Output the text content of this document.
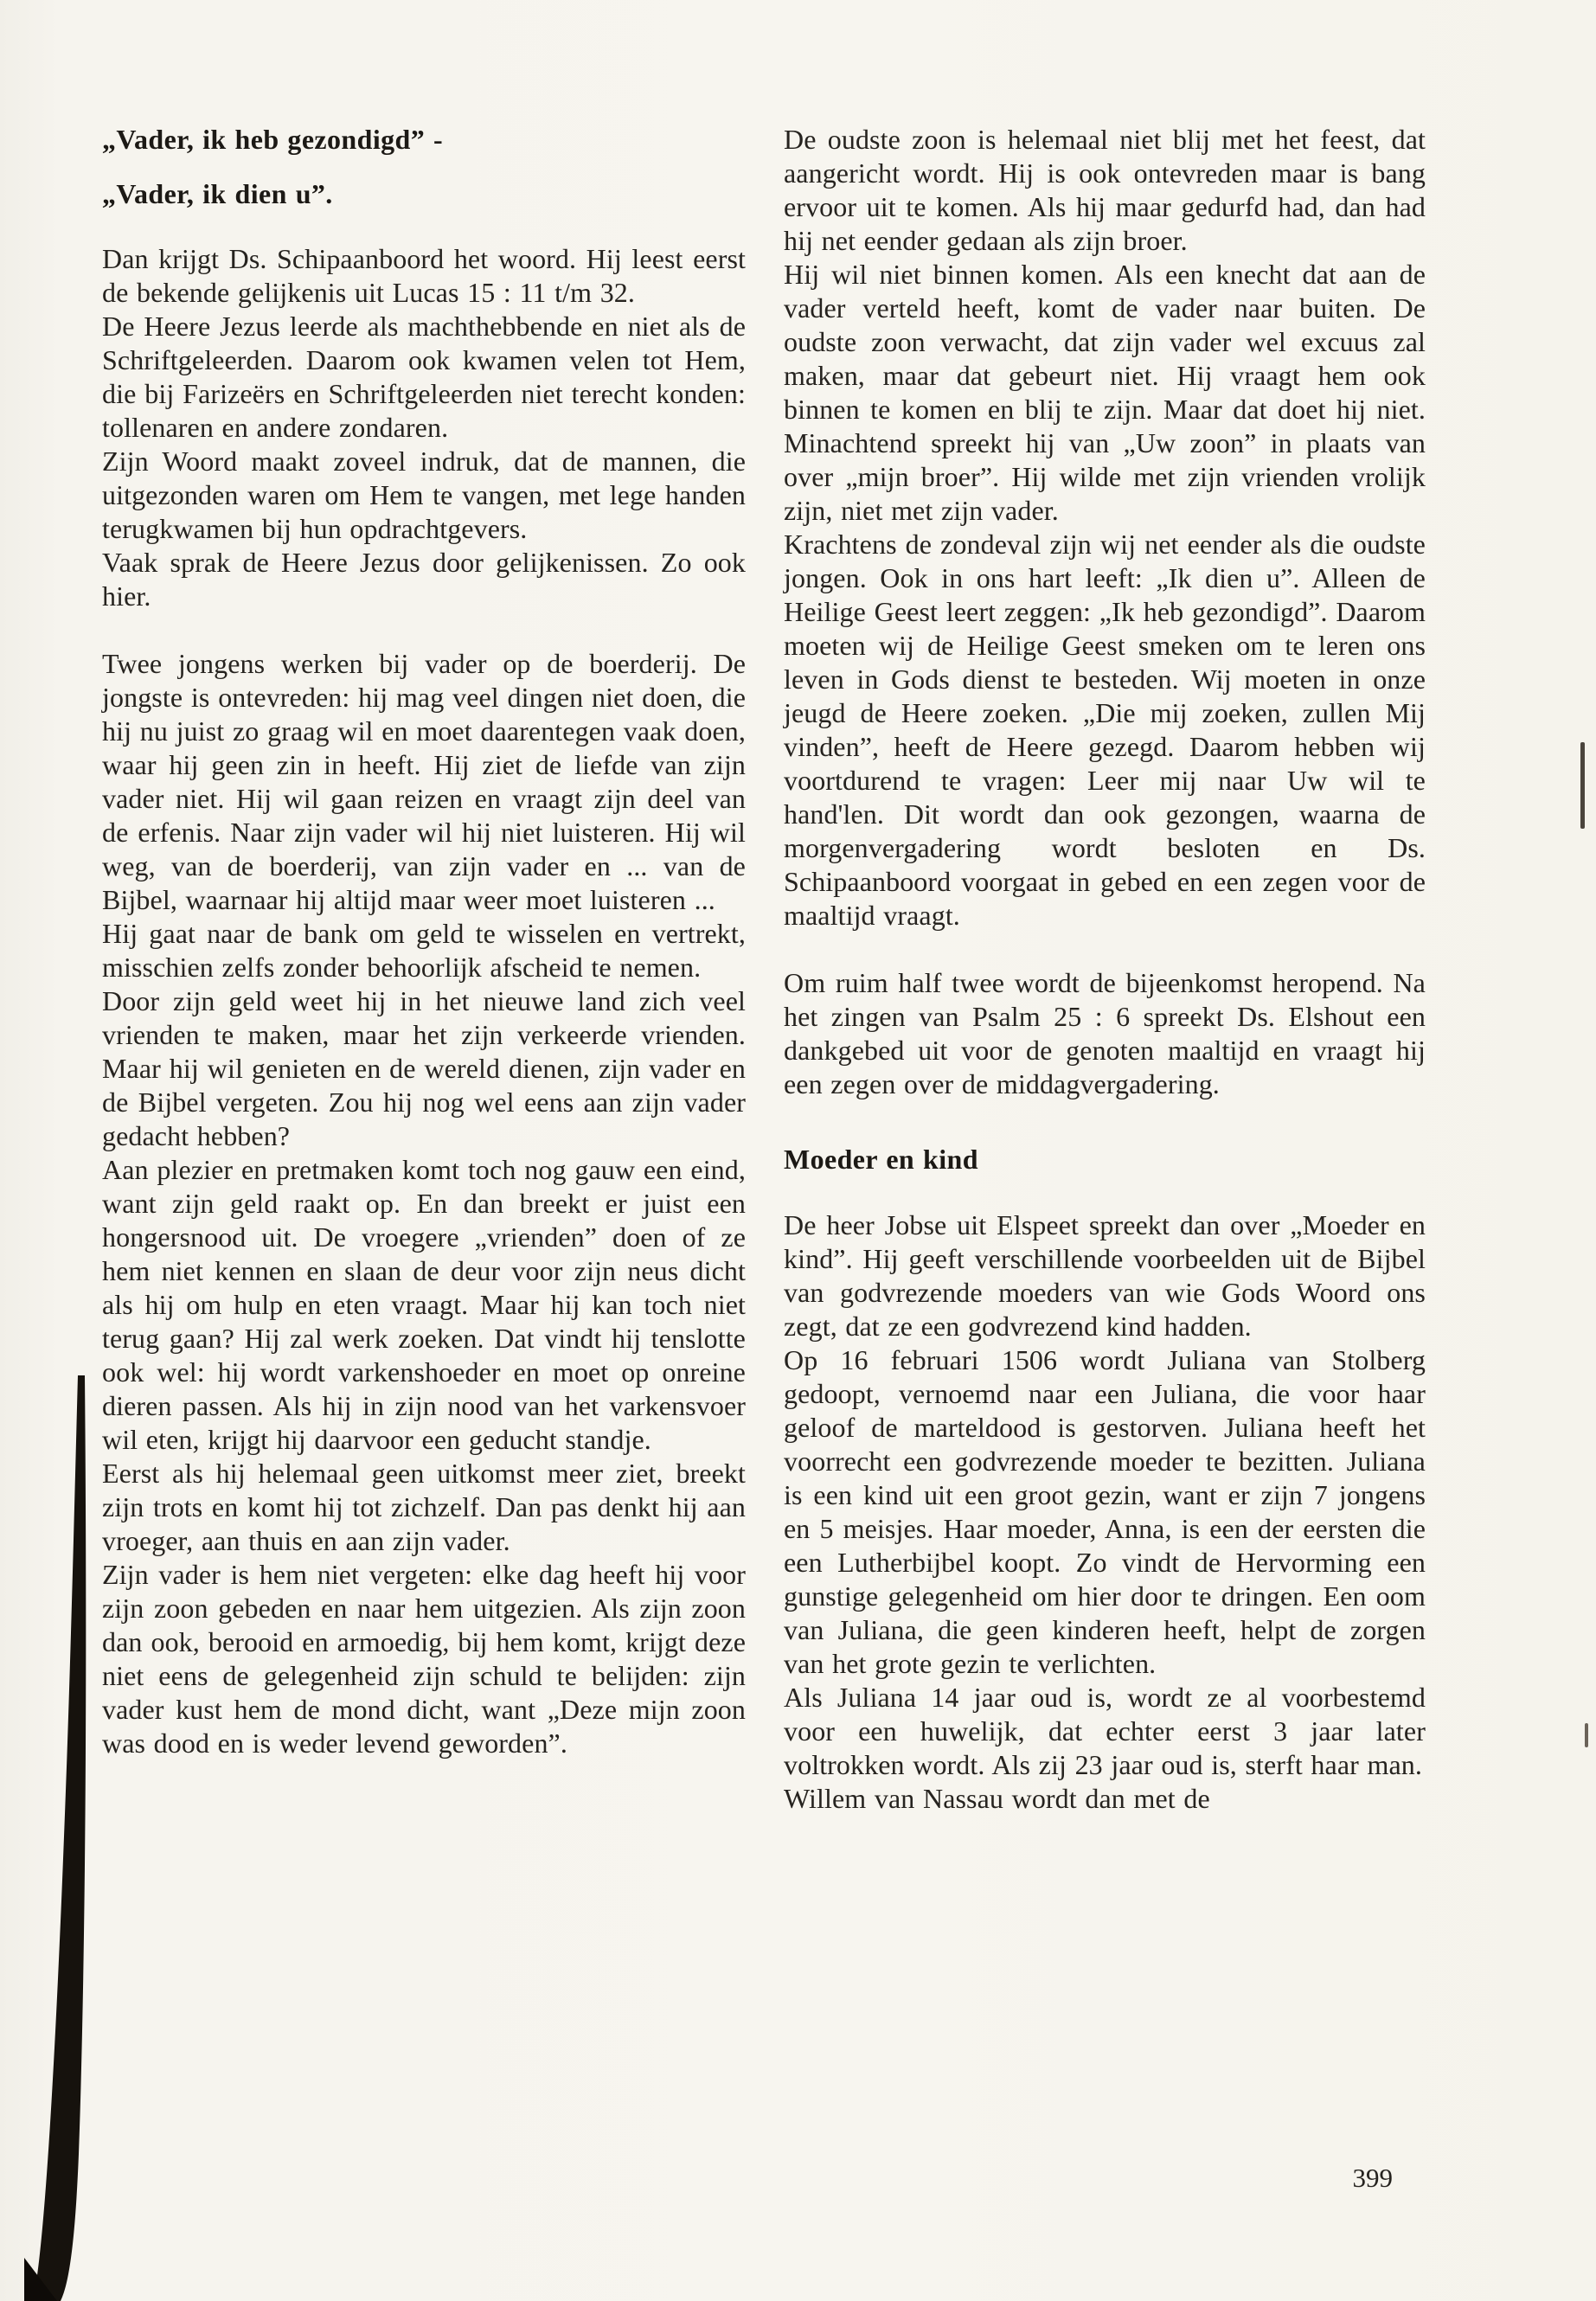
„Vader, ik heb gezondigd” -
„Vader, ik dien u”.

Dan krijgt Ds. Schipaanboord het woord. Hij leest eerst de bekende gelijkenis uit Lucas 15 : 11 t/m 32.

De Heere Jezus leerde als machthebbende en niet als de Schriftgeleerden. Daarom ook kwamen velen tot Hem, die bij Farizeërs en Schriftgeleerden niet terecht konden: tollenaren en andere zondaren.

Zijn Woord maakt zoveel indruk, dat de mannen, die uitgezonden waren om Hem te vangen, met lege handen terugkwamen bij hun opdrachtgevers.

Vaak sprak de Heere Jezus door gelijkenissen. Zo ook hier.

Twee jongens werken bij vader op de boerderij. De jongste is ontevreden: hij mag veel dingen niet doen, die hij nu juist zo graag wil en moet daarentegen vaak doen, waar hij geen zin in heeft. Hij ziet de liefde van zijn vader niet. Hij wil gaan reizen en vraagt zijn deel van de erfenis. Naar zijn vader wil hij niet luisteren. Hij wil weg, van de boerderij, van zijn vader en ... van de Bijbel, waarnaar hij altijd maar weer moet luisteren ...

Hij gaat naar de bank om geld te wisselen en vertrekt, misschien zelfs zonder behoorlijk afscheid te nemen.

Door zijn geld weet hij in het nieuwe land zich veel vrienden te maken, maar het zijn verkeerde vrienden. Maar hij wil genieten en de wereld dienen, zijn vader en de Bijbel vergeten. Zou hij nog wel eens aan zijn vader gedacht hebben?

Aan plezier en pretmaken komt toch nog gauw een eind, want zijn geld raakt op. En dan breekt er juist een hongersnood uit. De vroegere „vrienden” doen of ze hem niet kennen en slaan de deur voor zijn neus dicht als hij om hulp en eten vraagt. Maar hij kan toch niet terug gaan? Hij zal werk zoeken. Dat vindt hij tenslotte ook wel: hij wordt varkenshoeder en moet op onreine dieren passen. Als hij in zijn nood van het varkensvoer wil eten, krijgt hij daarvoor een geducht standje.

Eerst als hij helemaal geen uitkomst meer ziet, breekt zijn trots en komt hij tot zichzelf. Dan pas denkt hij aan vroeger, aan thuis en aan zijn vader.

Zijn vader is hem niet vergeten: elke dag heeft hij voor zijn zoon gebeden en naar hem uitgezien. Als zijn zoon dan ook, berooid en armoedig, bij hem komt, krijgt deze niet eens de gelegenheid zijn schuld te belijden: zijn vader kust hem de mond dicht, want „Deze mijn zoon was dood en is weder levend geworden”.

De oudste zoon is helemaal niet blij met het feest, dat aangericht wordt. Hij is ook ontevreden maar is bang ervoor uit te komen. Als hij maar gedurfd had, dan had hij net eender gedaan als zijn broer.

Hij wil niet binnen komen. Als een knecht dat aan de vader verteld heeft, komt de vader naar buiten. De oudste zoon verwacht, dat zijn vader wel excuus zal maken, maar dat gebeurt niet. Hij vraagt hem ook binnen te komen en blij te zijn. Maar dat doet hij niet. Minachtend spreekt hij van „Uw zoon” in plaats van over „mijn broer”. Hij wilde met zijn vrienden vrolijk zijn, niet met zijn vader.

Krachtens de zondeval zijn wij net eender als die oudste jongen. Ook in ons hart leeft: „Ik dien u”. Alleen de Heilige Geest leert zeggen: „Ik heb gezondigd”. Daarom moeten wij de Heilige Geest smeken om te leren ons leven in Gods dienst te besteden. Wij moeten in onze jeugd de Heere zoeken. „Die mij zoeken, zullen Mij vinden”, heeft de Heere gezegd. Daarom hebben wij voortdurend te vragen: Leer mij naar Uw wil te hand'len. Dit wordt dan ook gezongen, waarna de morgenvergadering wordt besloten en Ds. Schipaanboord voorgaat in gebed en een zegen voor de maaltijd vraagt.

Om ruim half twee wordt de bijeenkomst heropend. Na het zingen van Psalm 25 : 6 spreekt Ds. Elshout een dankgebed uit voor de genoten maaltijd en vraagt hij een zegen over de middagvergadering.

Moeder en kind

De heer Jobse uit Elspeet spreekt dan over „Moeder en kind”. Hij geeft verschillende voorbeelden uit de Bijbel van godvrezende moeders van wie Gods Woord ons zegt, dat ze een godvrezend kind hadden.

Op 16 februari 1506 wordt Juliana van Stolberg gedoopt, vernoemd naar een Juliana, die voor haar geloof de marteldood is gestorven. Juliana heeft het voorrecht een godvrezende moeder te bezitten. Juliana is een kind uit een groot gezin, want er zijn 7 jongens en 5 meisjes. Haar moeder, Anna, is een der eersten die een Lutherbijbel koopt. Zo vindt de Hervorming een gunstige gelegenheid om hier door te dringen. Een oom van Juliana, die geen kinderen heeft, helpt de zorgen van het grote gezin te verlichten.

Als Juliana 14 jaar oud is, wordt ze al voorbestemd voor een huwelijk, dat echter eerst 3 jaar later voltrokken wordt. Als zij 23 jaar oud is, sterft haar man.

Willem van Nassau wordt dan met de

399
